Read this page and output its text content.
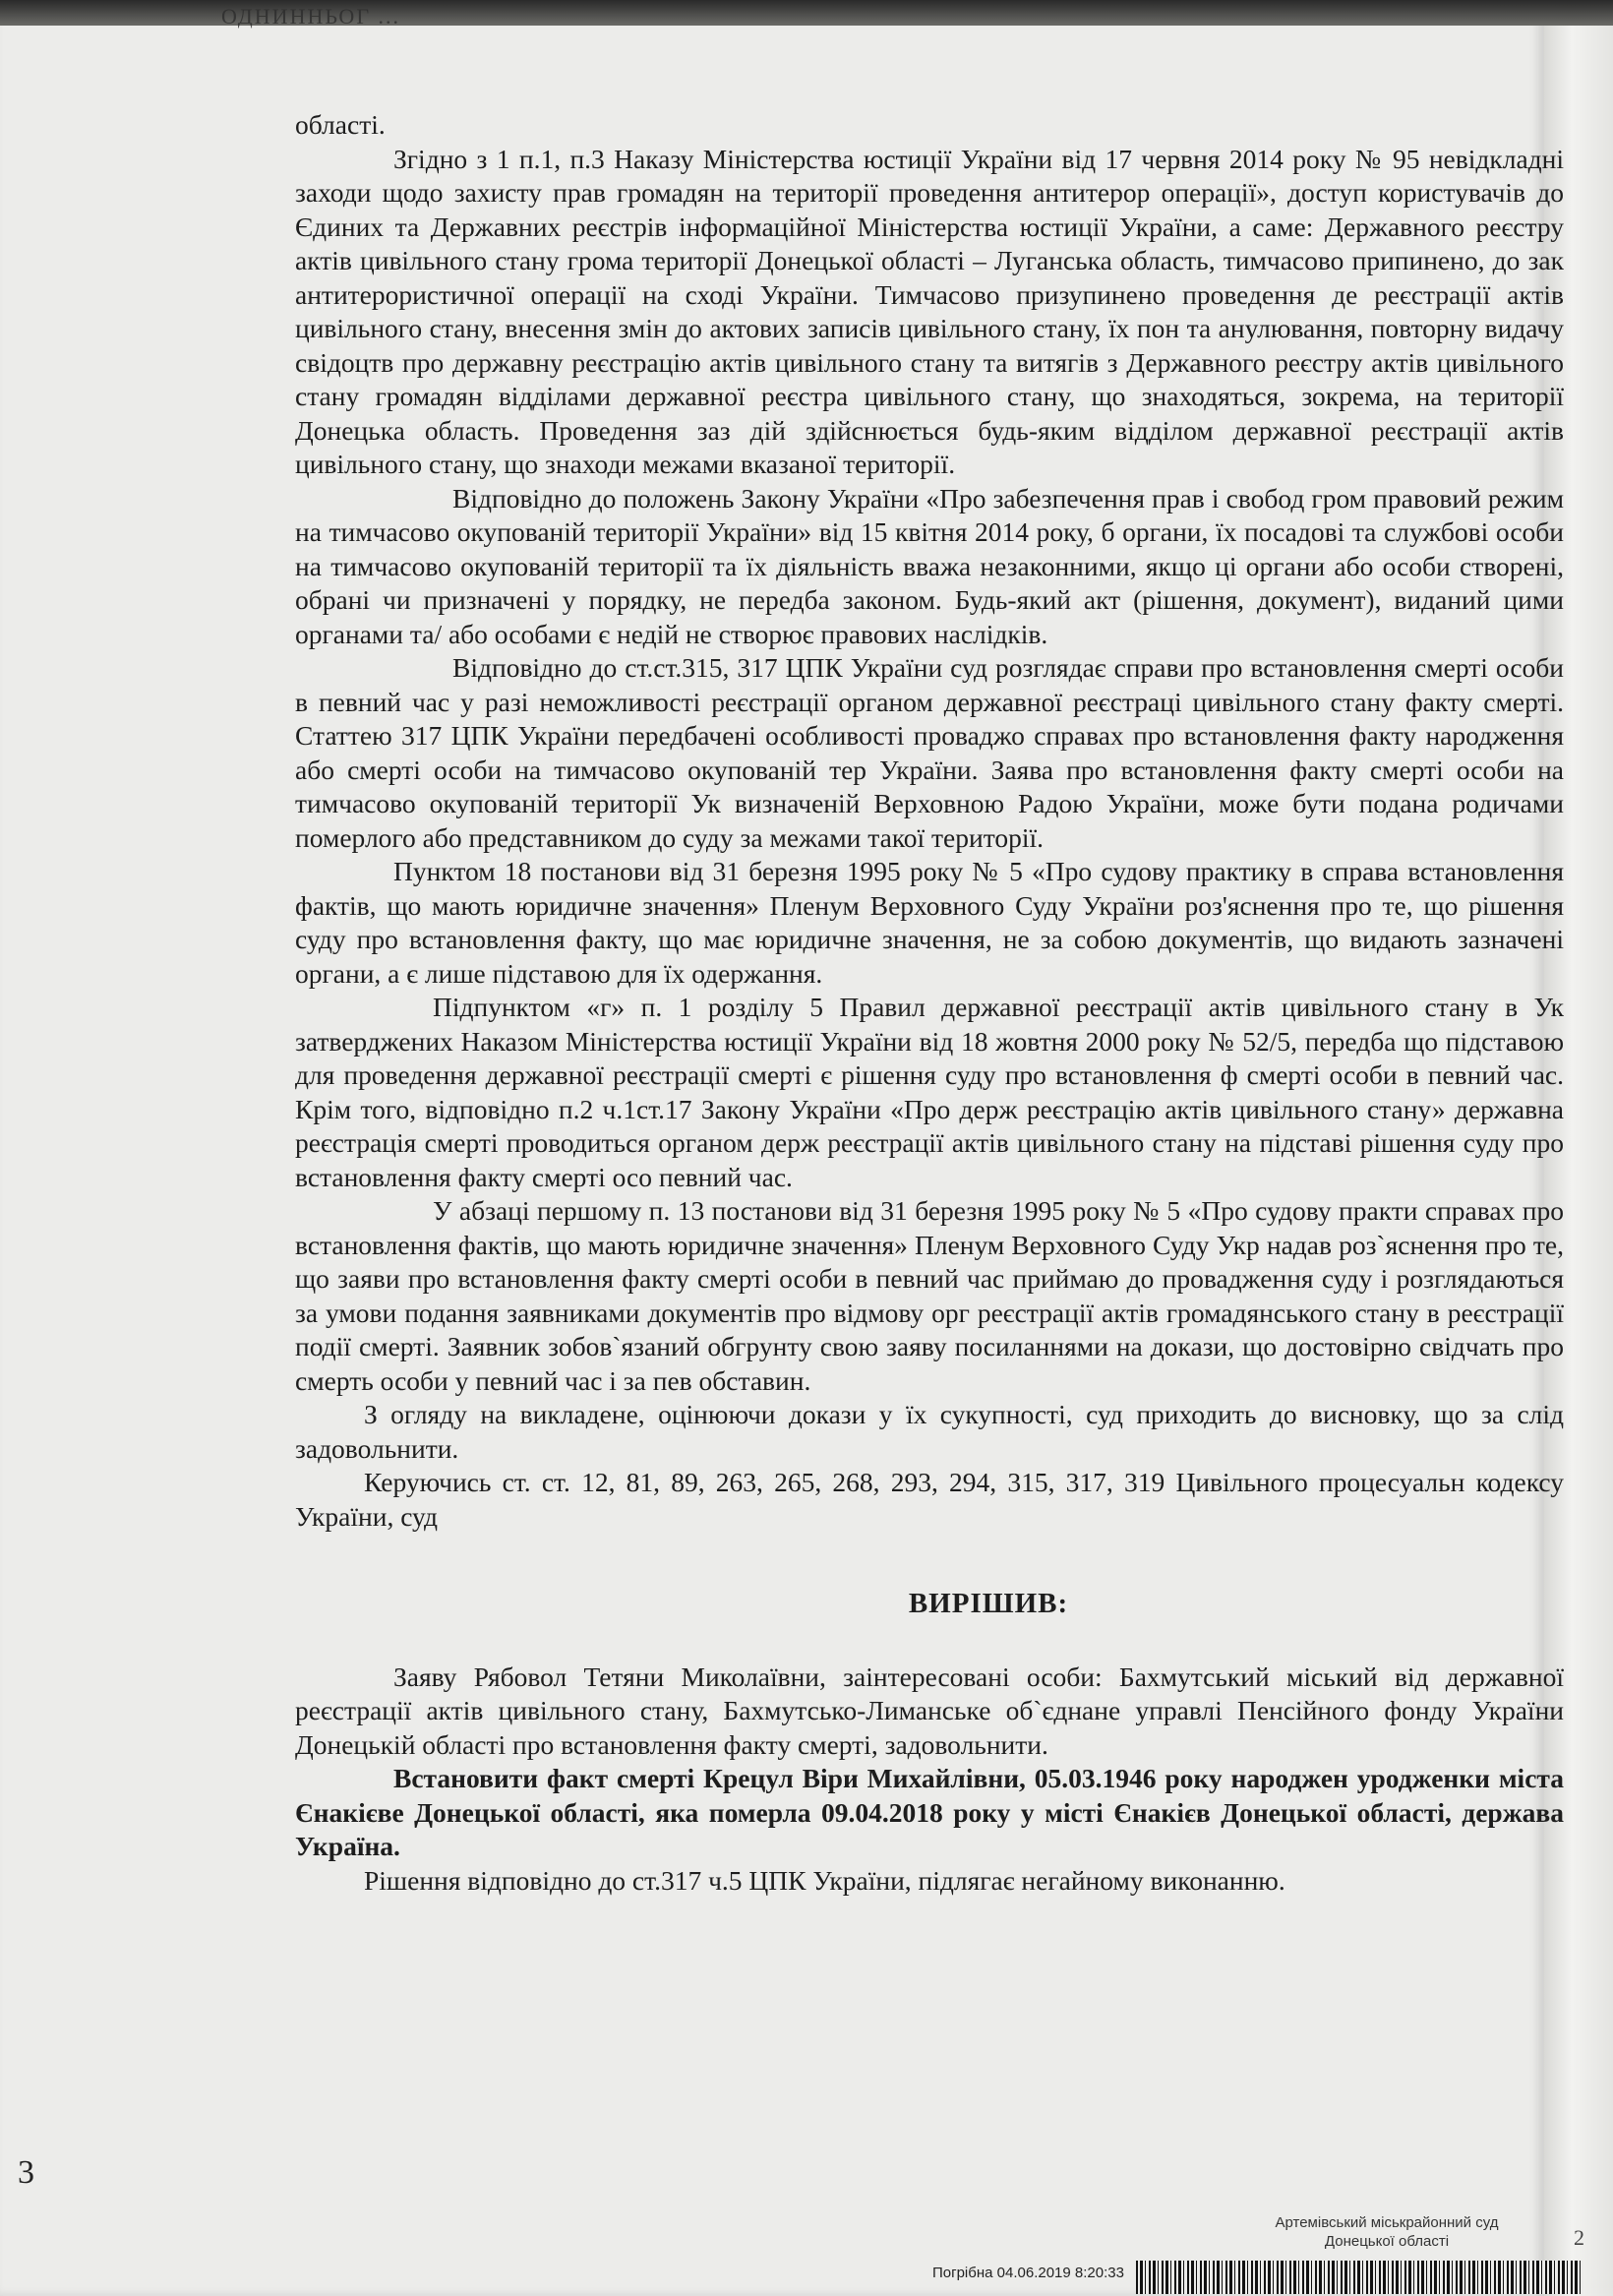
ОДНИННЬОГ ...

області.

Згідно з 1 п.1, п.3 Наказу Міністерства юстиції України від 17 червня 2014 року № 95 невідкладні заходи щодо захисту прав громадян на території проведення антитерор операції», доступ користувачів до Єдиних та Державних реєстрів інформаційної Міністерства юстиції України, а саме: Державного реєстру актів цивільного стану грома території Донецької області – Луганська область, тимчасово припинено, до зак антитерористичної операції на сході України. Тимчасово призупинено проведення де реєстрації актів цивільного стану, внесення змін до актових записів цивільного стану, їх пон та анулювання, повторну видачу свідоцтв про державну реєстрацію актів цивільного стану та витягів з Державного реєстру актів цивільного стану громадян відділами державної реєстра цивільного стану, що знаходяться, зокрема, на території Донецька область. Проведення заз дій здійснюється будь-яким відділом державної реєстрації актів цивільного стану, що знаходи межами вказаної території.

Відповідно до положень Закону України «Про забезпечення прав і свобод гром правовий режим на тимчасово окупованій території України» від 15 квітня 2014 року, б органи, їх посадові та службові особи на тимчасово окупованій території та їх діяльність вважа незаконними, якщо ці органи або особи створені, обрані чи призначені у порядку, не передба законом. Будь-який акт (рішення, документ), виданий цими органами та/ або особами є недій не створює правових наслідків.

Відповідно до ст.ст.315, 317 ЦПК України суд розглядає справи про встановлення смерті особи в певний час у разі неможливості реєстрації органом державної реєстраці цивільного стану факту смерті. Статтею 317 ЦПК України передбачені особливості проваджо справах про встановлення факту народження або смерті особи на тимчасово окупованій тер України. Заява про встановлення факту смерті особи на тимчасово окупованій території Ук визначеній Верховною Радою України, може бути подана родичами померлого або представником до суду за межами такої території.

Пунктом 18 постанови від 31 березня 1995 року № 5 «Про судову практику в справа встановлення фактів, що мають юридичне значення» Пленум Верховного Суду України роз'яснення про те, що рішення суду про встановлення факту, що має юридичне значення, не за собою документів, що видають зазначені органи, а є лише підставою для їх одержання.

Підпунктом «г» п. 1 розділу 5 Правил державної реєстрації актів цивільного стану в Ук затверджених Наказом Міністерства юстиції України від 18 жовтня 2000 року № 52/5, передба що підставою для проведення державної реєстрації смерті є рішення суду про встановлення ф смерті особи в певний час. Крім того, відповідно п.2 ч.1ст.17 Закону України «Про держ реєстрацію актів цивільного стану» державна реєстрація смерті проводиться органом держ реєстрації актів цивільного стану на підставі рішення суду про встановлення факту смерті осо певний час.

У абзаці першому п. 13 постанови від 31 березня 1995 року № 5 «Про судову практи справах про встановлення фактів, що мають юридичне значення» Пленум Верховного Суду Укр надав роз`яснення про те, що заяви про встановлення факту смерті особи в певний час приймаю до провадження суду і розглядаються за умови подання заявниками документів про відмову орг реєстрації актів громадянського стану в реєстрації події смерті. Заявник зобов`язаний обгрунту свою заяву посиланнями на докази, що достовірно свідчать про смерть особи у певний час і за пев обставин.

З огляду на викладене, оцінюючи докази у їх сукупності, суд приходить до висновку, що за слід задовольнити.

Керуючись ст. ст. 12, 81, 89, 263, 265, 268, 293, 294, 315, 317, 319 Цивільного процесуальн кодексу України, суд

ВИРІШИВ:

Заяву Рябовол Тетяни Миколаївни, заінтересовані особи: Бахмутський міський від державної реєстрації актів цивільного стану, Бахмутсько-Лиманське об`єднане управлі Пенсійного фонду України Донецькій області про встановлення факту смерті, задовольнити.

Встановити факт смерті Крецул Віри Михайлівни, 05.03.1946 року народжен уродженки міста Єнакієве Донецької області, яка померла 09.04.2018 року у місті Єнакієв Донецької області, держава Україна.

Рішення відповідно до ст.317 ч.5 ЦПК України, підлягає негайному виконанню.

3
Артемівський міськрайонний суд
Донецької області
Погрібна 04.06.2019 8:20:33
2
